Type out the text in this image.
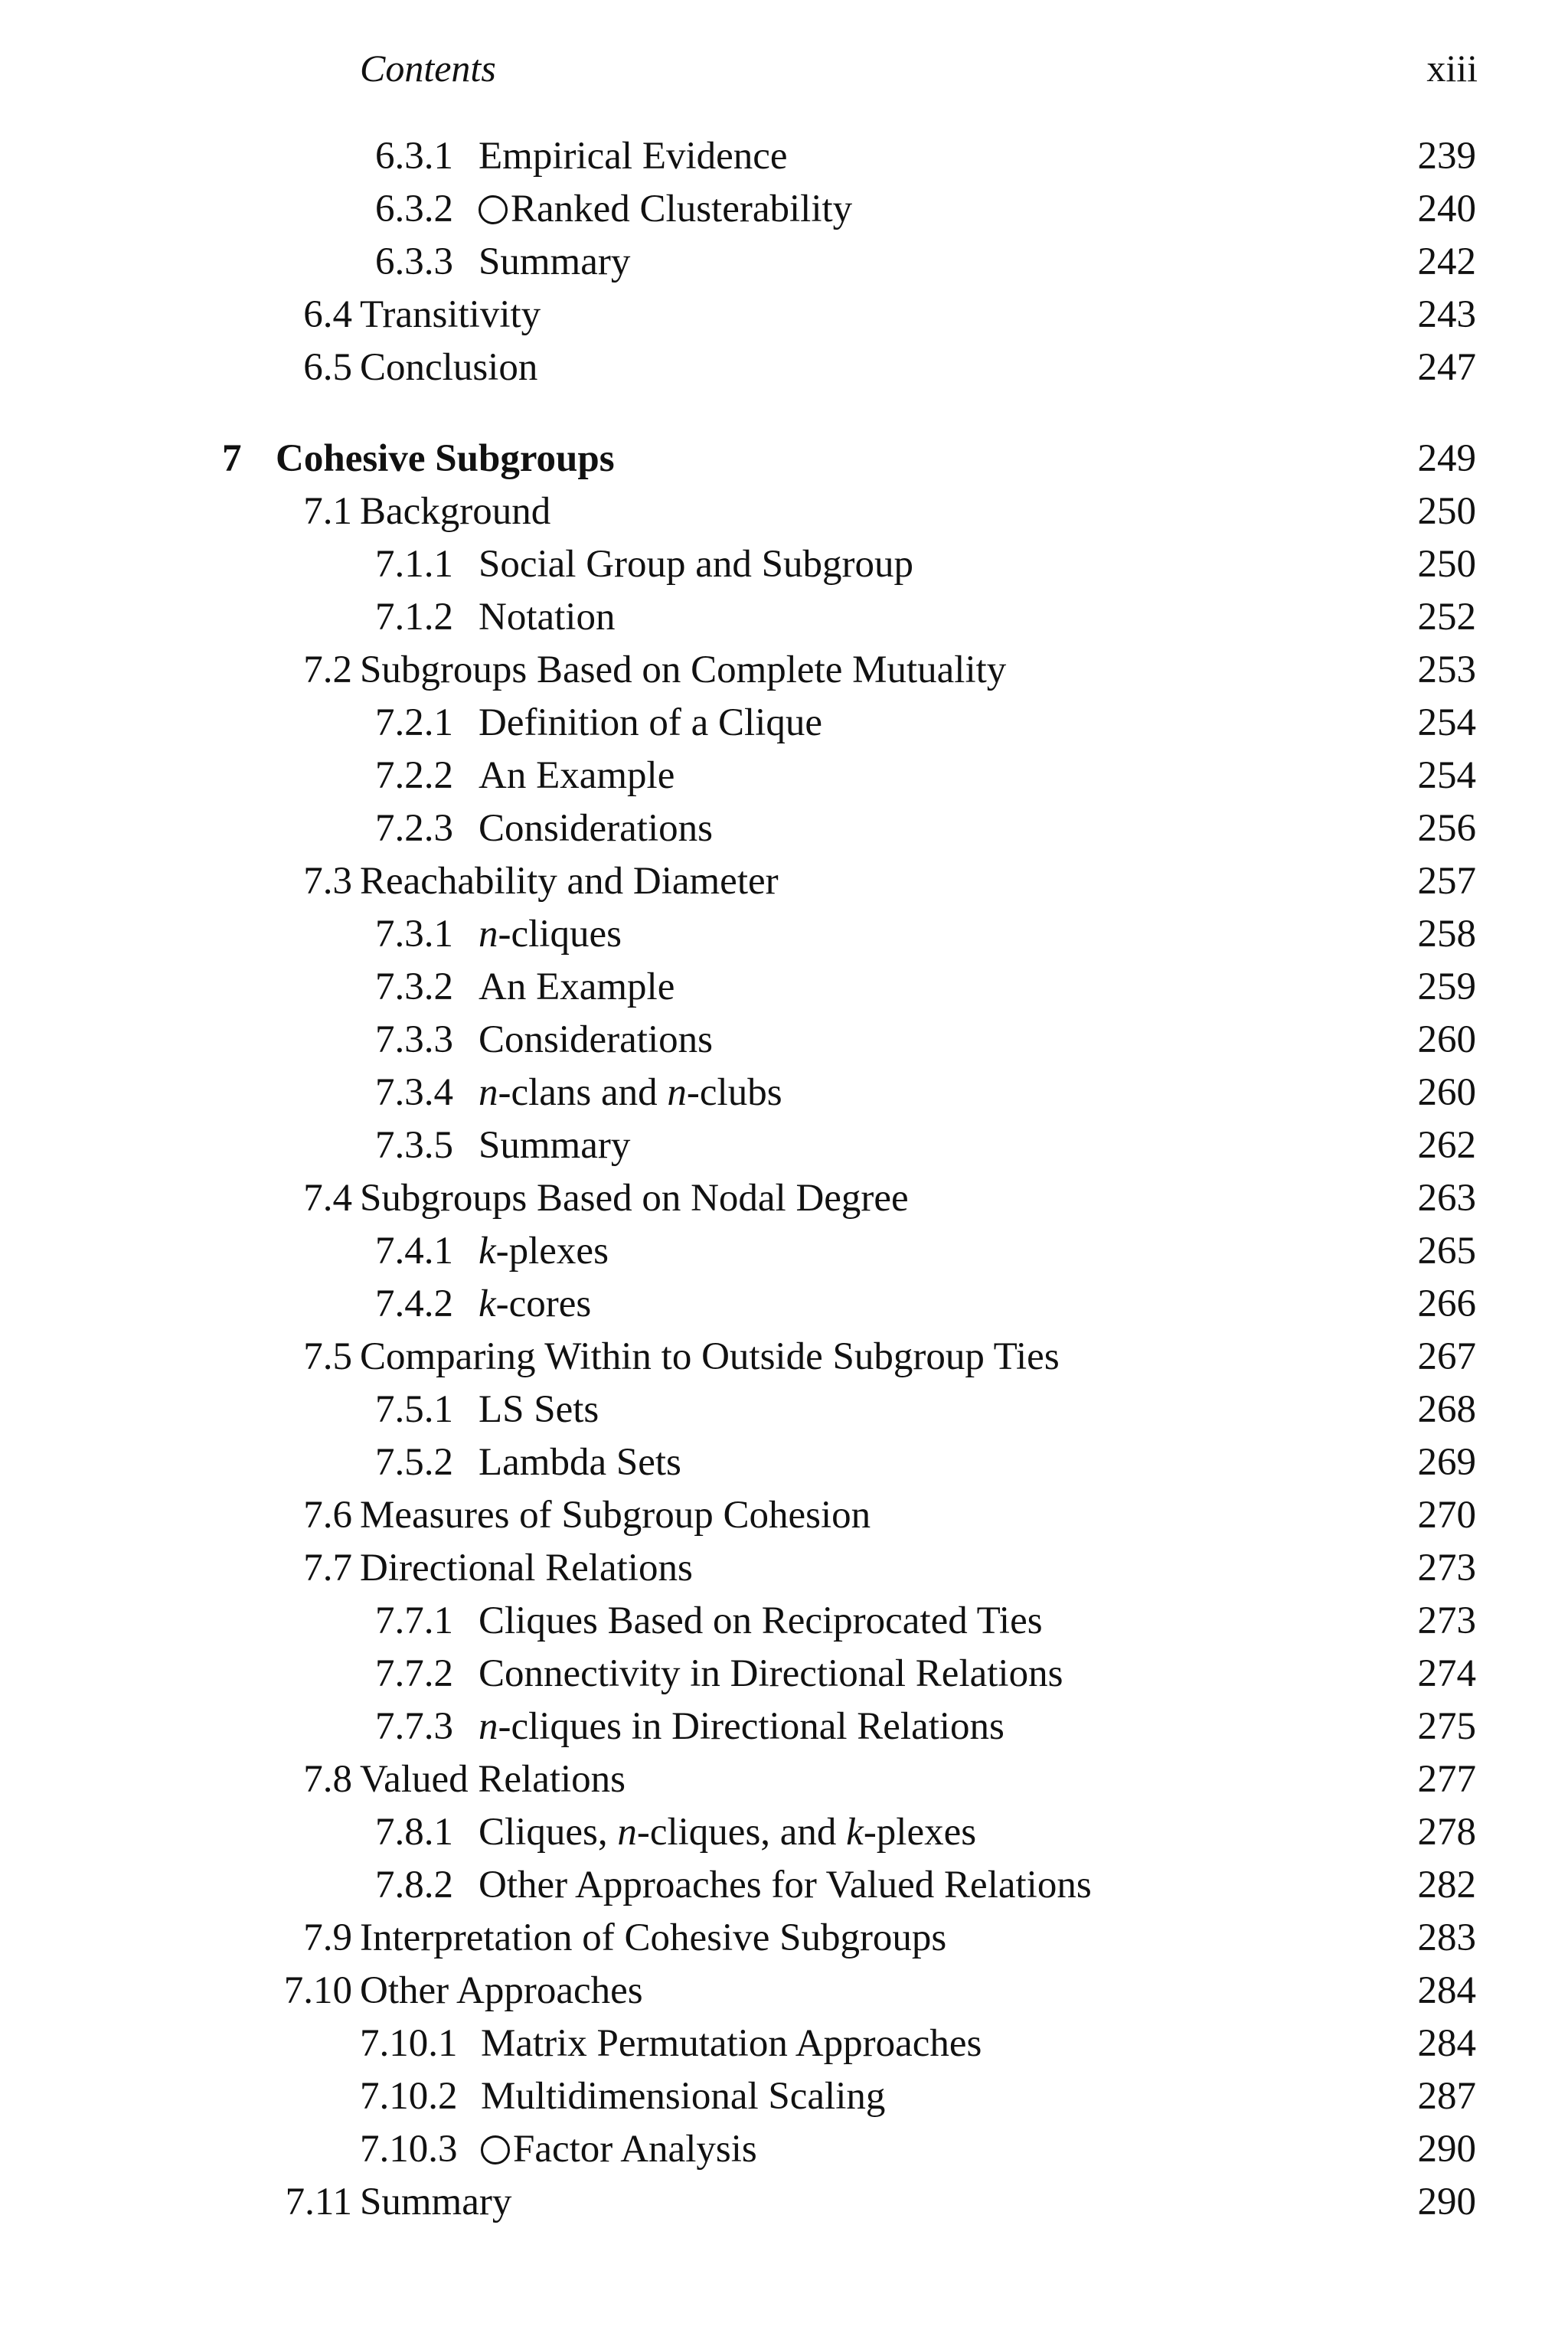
Contents	xiii
6.3.1 Empirical Evidence	239
6.3.2	Ranked Clusterability	240
6.3.3 Summary	242
6.4 Transitivity	243
6.5 Conclusion	247
7 Cohesive Subgroups	249
7.1 Background	250
7.1.1 Social Group and Subgroup	250
7.1.2 Notation	252
7.2 Subgroups Based on Complete Mutuality	253
7.2.1 Definition of a Clique	254
7.2.2 An Example	254
7.2.3 Considerations	256
7.3 Reachability and Diameter	257
7.3.1 n-cliques	258
7.3.2 An Example	259
7.3.3 Considerations	260
7.3.4 n-clans and n-clubs	260
7.3.5 Summary	262
7.4 Subgroups Based on Nodal Degree	263
7.4.1 k-plexes	265
7.4.2 k-cores	266
7.5 Comparing Within to Outside Subgroup Ties	267
7.5.1 LS Sets	268
7.5.2 Lambda Sets	269
7.6 Measures of Subgroup Cohesion	270
7.7 Directional Relations	273
7.7.1 Cliques Based on Reciprocated Ties	273
7.7.2 Connectivity in Directional Relations	274
7.7.3 n-cliques in Directional Relations	275
7.8 Valued Relations	277
7.8.1 Cliques, n-cliques, and k-plexes	278
7.8.2 Other Approaches for Valued Relations	282
7.9 Interpretation of Cohesive Subgroups	283
7.10 Other Approaches	284
7.10.1 Matrix Permutation Approaches	284
7.10.2 Multidimensional Scaling	287
7.10.3	Factor Analysis	290
7.11 Summary	290
